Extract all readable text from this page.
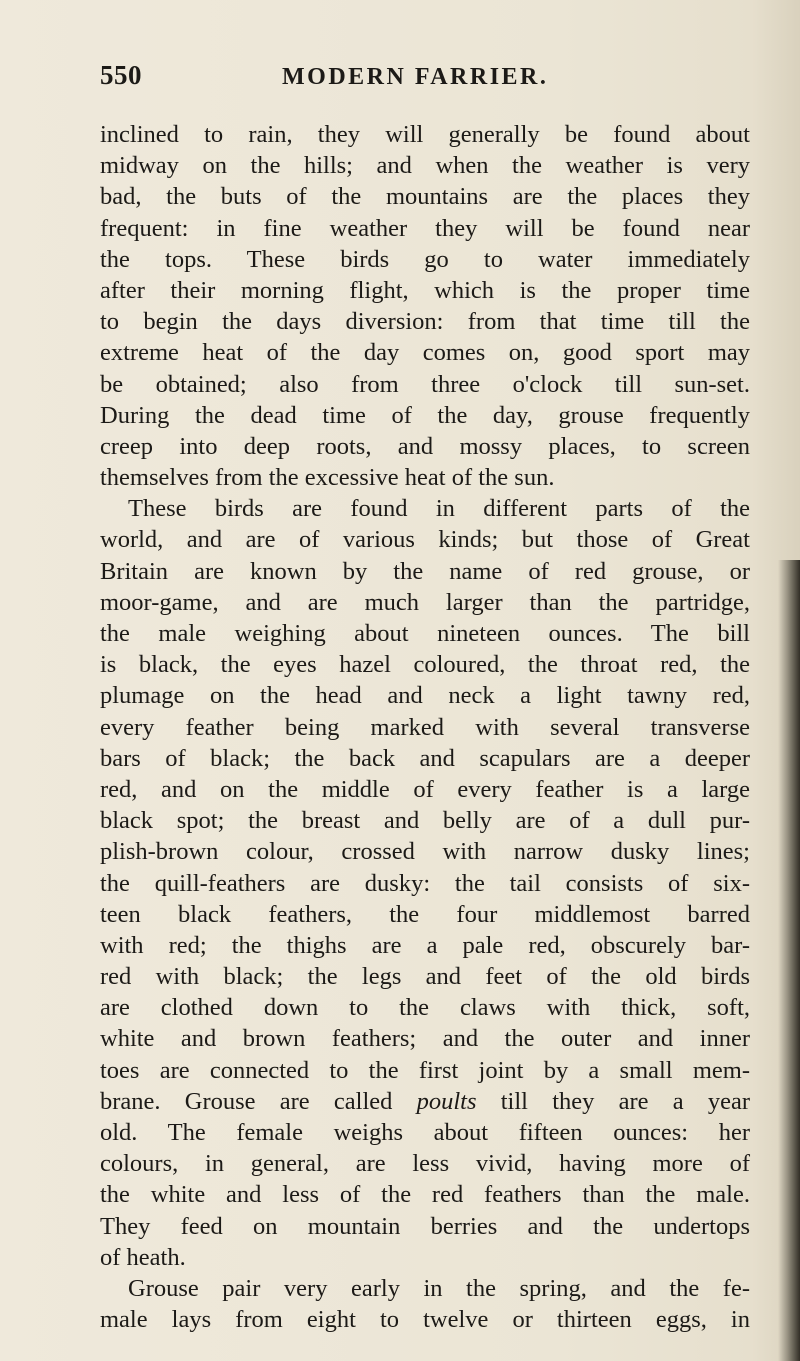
550	MODERN FARRIER.
inclined to rain, they will generally be found about
midway on the hills; and when the weather is very
bad, the buts of the mountains are the places they
frequent: in fine weather they will be found near
the tops. These birds go to water immediately
after their morning flight, which is the proper time
to begin the days diversion: from that time till the
extreme heat of the day comes on, good sport may
be obtained; also from three o'clock till sun-set.
During the dead time of the day, grouse frequently
creep into deep roots, and mossy places, to screen
themselves from the excessive heat of the sun.
These birds are found in different parts of the
world, and are of various kinds; but those of Great
Britain are known by the name of red grouse, or
moor-game, and are much larger than the partridge,
the male weighing about nineteen ounces. The bill
is black, the eyes hazel coloured, the throat red, the
plumage on the head and neck a light tawny red,
every feather being marked with several transverse
bars of black; the back and scapulars are a deeper
red, and on the middle of every feather is a large
black spot; the breast and belly are of a dull pur-
plish-brown colour, crossed with narrow dusky lines;
the quill-feathers are dusky: the tail consists of six-
teen black feathers, the four middlemost barred
with red; the thighs are a pale red, obscurely bar-
red with black; the legs and feet of the old birds
are clothed down to the claws with thick, soft,
white and brown feathers; and the outer and inner
toes are connected to the first joint by a small mem-
brane. Grouse are called poults till they are a year
old. The female weighs about fifteen ounces: her
colours, in general, are less vivid, having more of
the white and less of the red feathers than the male.
They feed on mountain berries and the undertops
of heath.
Grouse pair very early in the spring, and the fe-
male lays from eight to twelve or thirteen eggs, in
